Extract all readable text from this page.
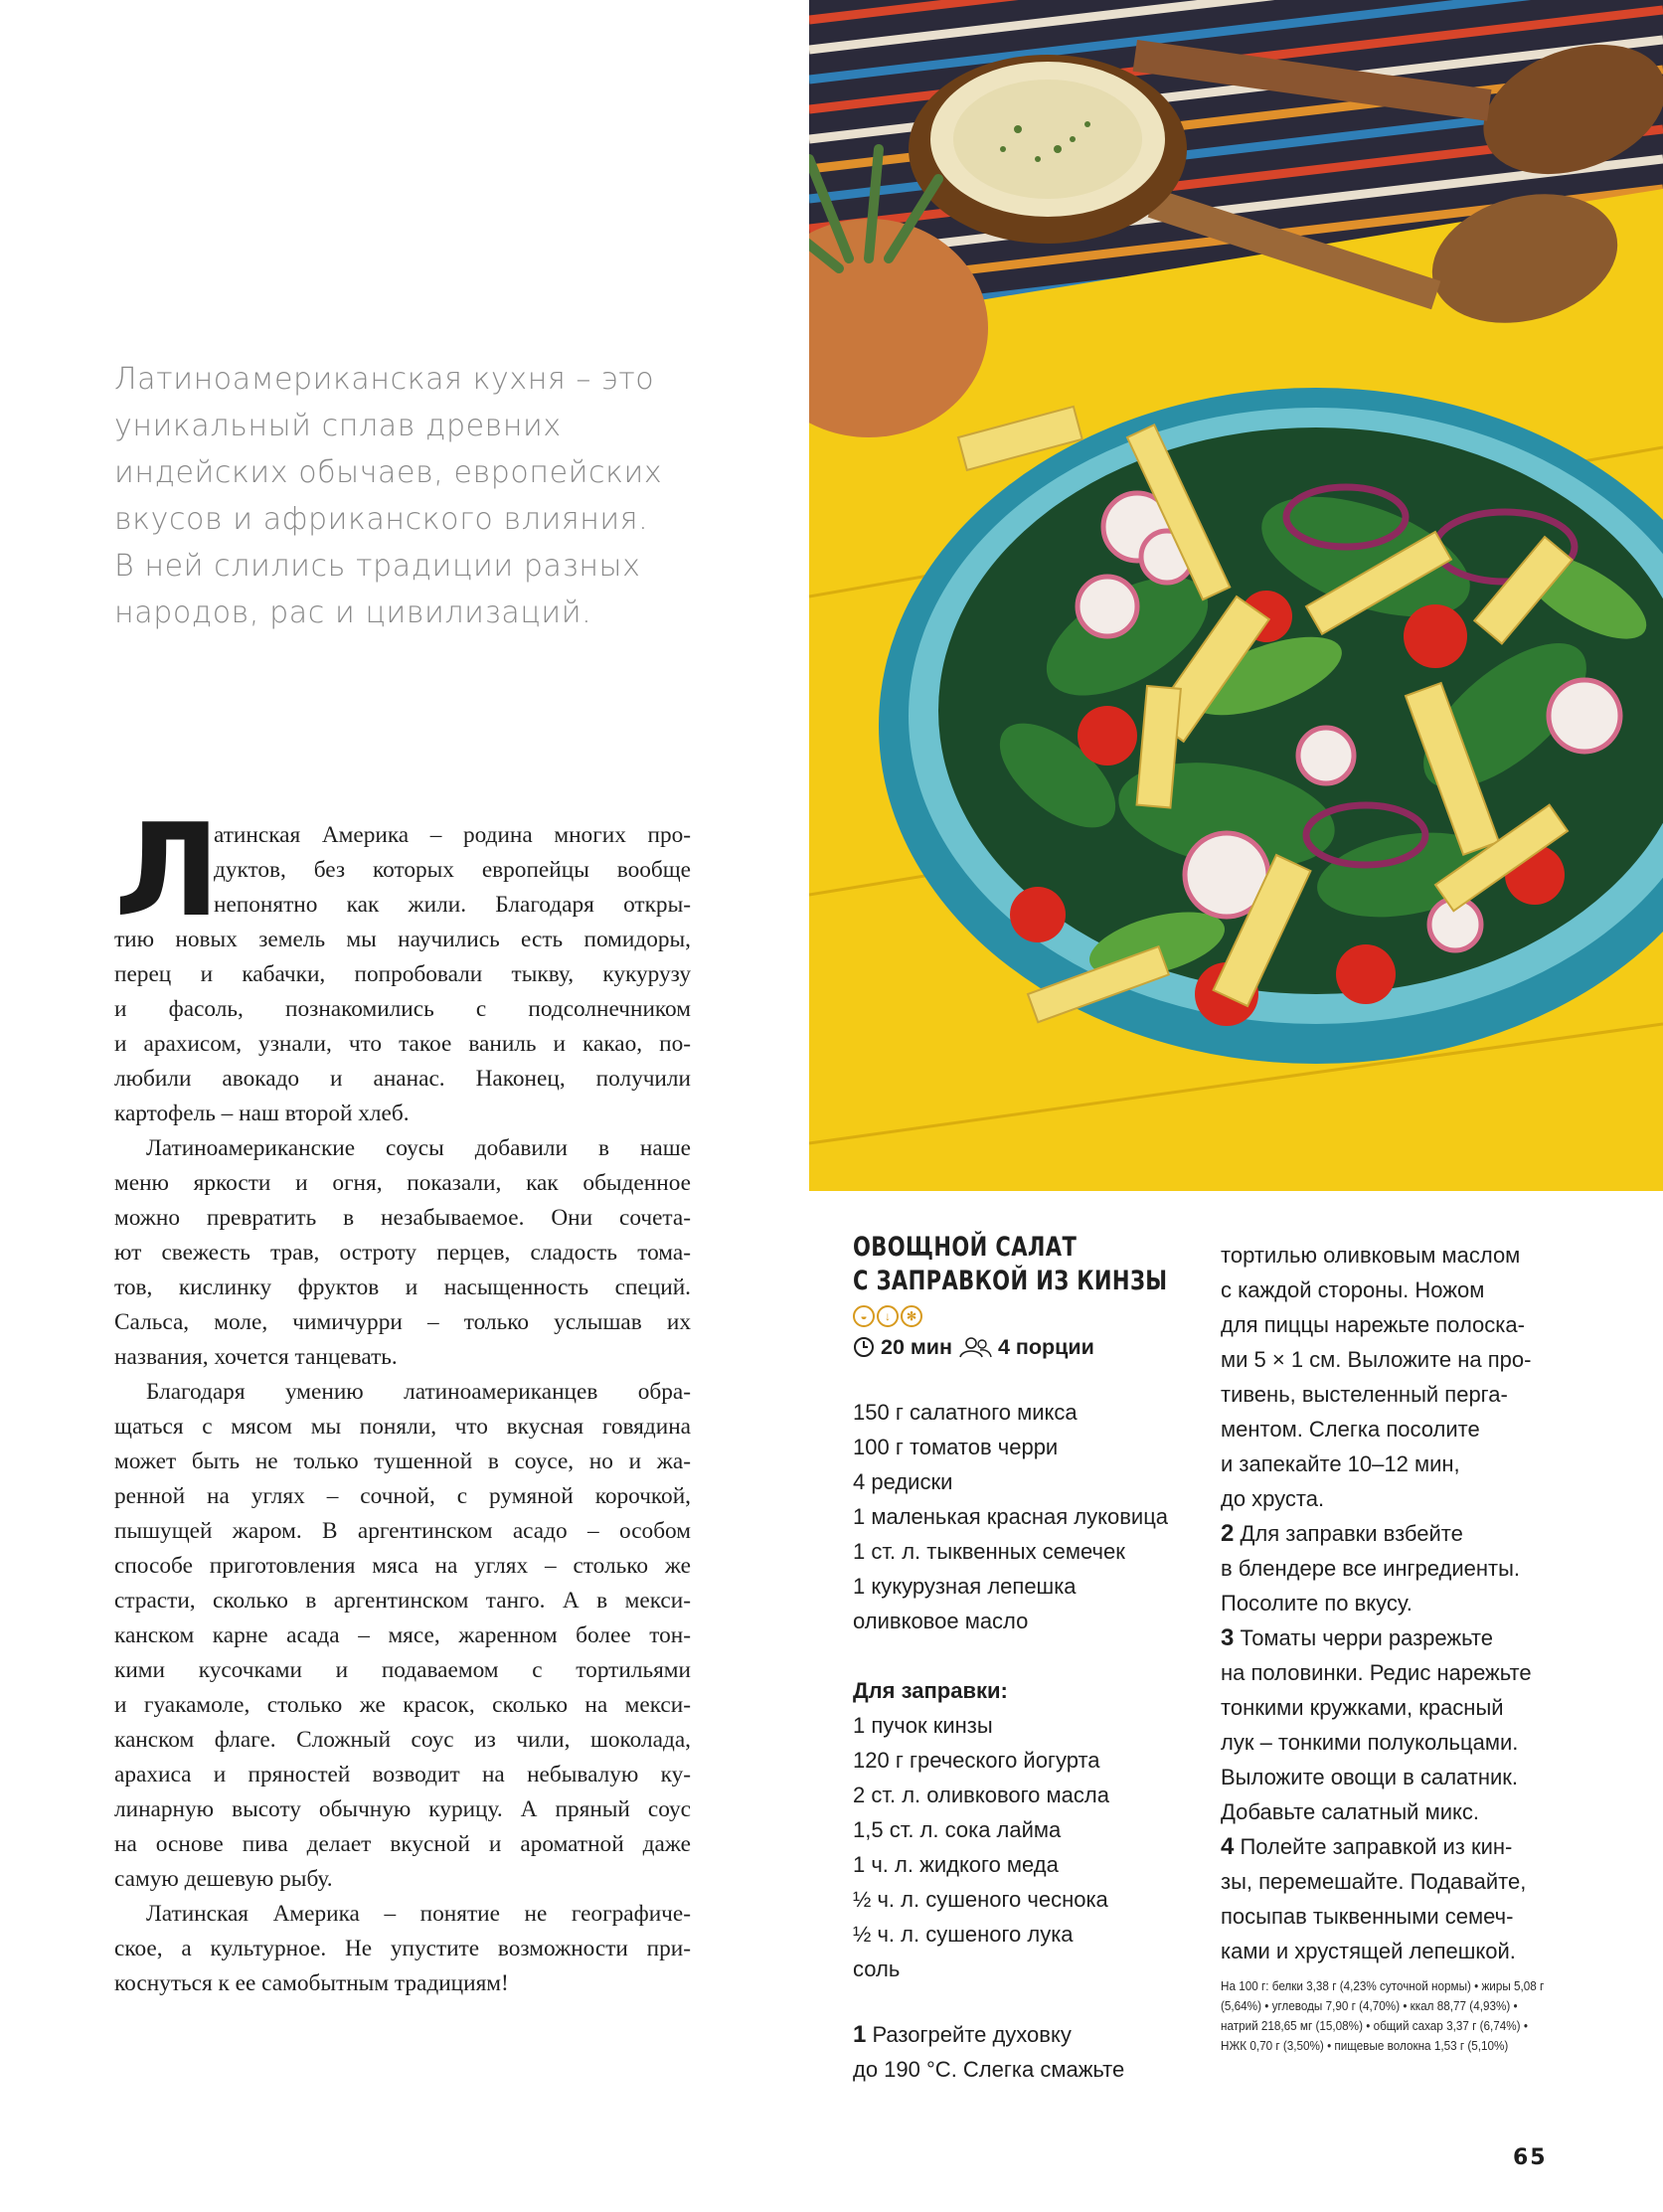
Латиноамериканская кухня – это
уникальный сплав древних
индейских обычаев, европейских
вкусов и африканского влияния.
В ней слились традиции разных
народов, рас и цивилизаций.
Л
атинская Америка – родина многих про-
дуктов, без которых европейцы вообще
непонятно как жили. Благодаря откры-
тию новых земель мы научились есть помидоры,
перец и кабачки, попробовали тыкву, кукурузу
и фасоль, познакомились с подсолнечником
и арахисом, узнали, что такое ваниль и какао, по-
любили авокадо и ананас. Наконец, получили
картофель – наш второй хлеб.
Латиноамериканские соусы добавили в наше
меню яркости и огня, показали, как обыденное
можно превратить в незабываемое. Они сочета-
ют свежесть трав, остроту перцев, сладость тома-
тов, кислинку фруктов и насыщенность специй.
Сальса, моле, чимичурри – только услышав их
названия, хочется танцевать.
Благодаря умению латиноамериканцев обра-
щаться с мясом мы поняли, что вкусная говядина
может быть не только тушенной в соусе, но и жа-
ренной на углях – сочной, с румяной корочкой,
пышущей жаром. В аргентинском асадо – особом
способе приготовления мяса на углях – столько же
страсти, сколько в аргентинском танго. А в мекси-
канском карне асада – мясе, жаренном более тон-
кими кусочками и подаваемом с тортильями
и гуакамоле, столько же красок, сколько на мекси-
канском флаге. Сложный соус из чили, шоколада,
арахиса и пряностей возводит на небывалую ку-
линарную высоту обычную курицу. А пряный соус
на основе пива делает вкусной и ароматной даже
самую дешевую рыбу.
Латинская Америка – понятие не географиче-
ское, а культурное. Не упустите возможности при-
коснуться к ее самобытным традициям!
ОВОЩНОЙ САЛАТ
С ЗАПРАВКОЙ ИЗ КИНЗЫ
◒	↓	✻
20 мин 4 порции
150 г салатного микса
100 г томатов черри
4 редиски
1 маленькая красная луковица
1 ст. л. тыквенных семечек
1 кукурузная лепешка
оливковое масло
Для заправки:
1 пучок кинзы
120 г греческого йогурта
2 ст. л. оливкового масла
1,5 ст. л. сока лайма
1 ч. л. жидкого меда
½ ч. л. сушеного чеснока
½ ч. л. сушеного лука
соль
1 Разогрейте духовку
до 190 °С. Слегка смажьте
тортилью оливковым маслом
с каждой стороны. Ножом
для пиццы нарежьте полоска-
ми 5 × 1 см. Выложите на про-
тивень, выстеленный перга-
ментом. Слегка посолите
и запекайте 10–12 мин,
до хруста.
2 Для заправки взбейте
в блендере все ингредиенты.
Посолите по вкусу.
3 Томаты черри разрежьте
на половинки. Редис нарежьте
тонкими кружками, красный
лук – тонкими полукольцами.
Выложите овощи в салатник.
Добавьте салатный микс.
4 Полейте заправкой из кин-
зы, перемешайте. Подавайте,
посыпав тыквенными семеч-
ками и хрустящей лепешкой.
На 100 г: белки 3,38 г (4,23% суточной нормы) • жиры 5,08 г
(5,64%) • углеводы 7,90 г (4,70%) • ккал 88,77 (4,93%) •
натрий 218,65 мг (15,08%) • общий сахар 3,37 г (6,74%) •
НЖК 0,70 г (3,50%) • пищевые волокна 1,53 г (5,10%)
65
